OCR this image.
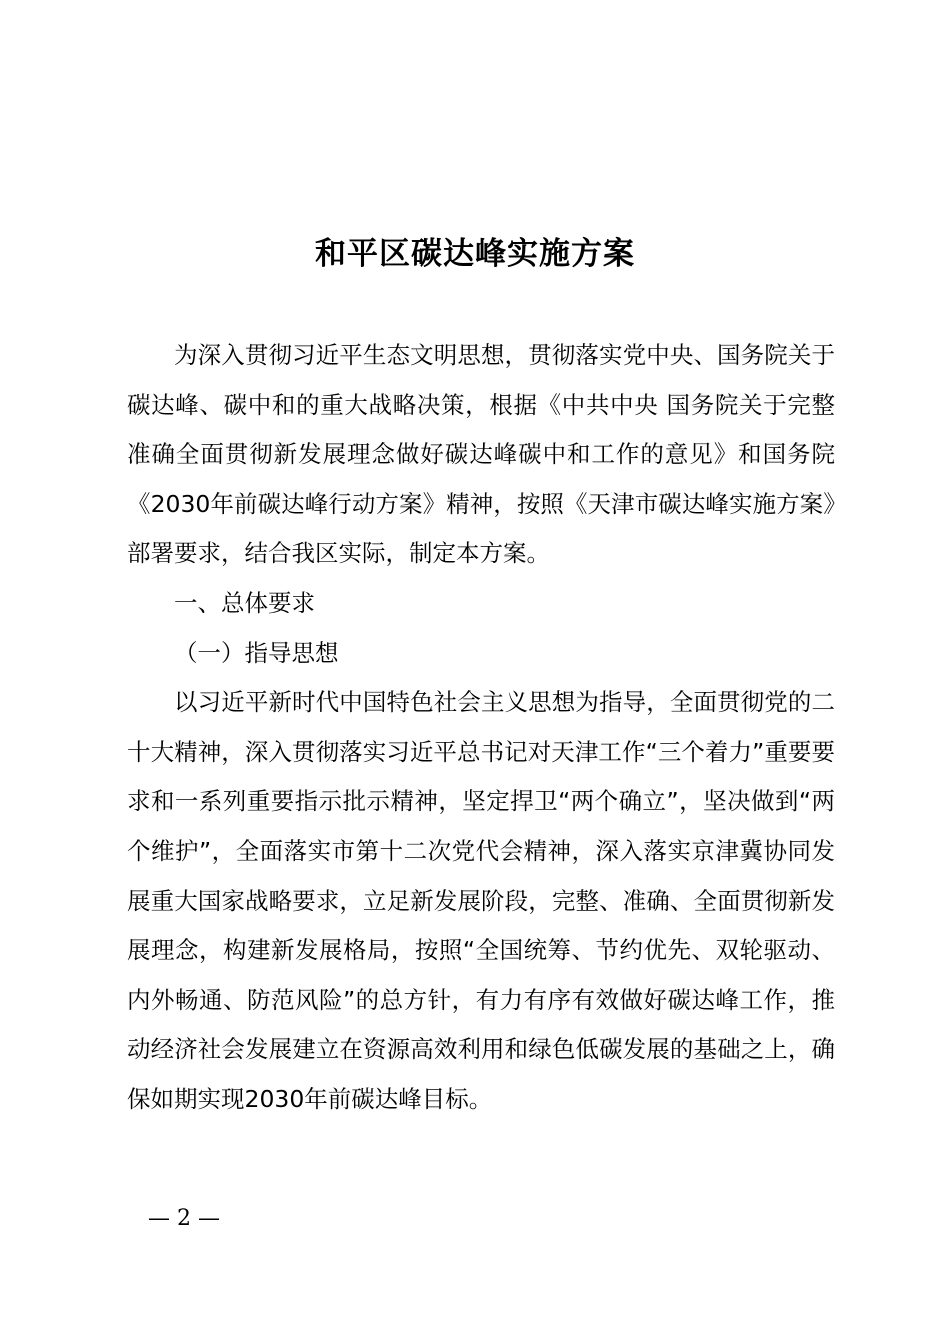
和平区碳达峰实施方案

为深入贯彻习近平生态文明思想，贯彻落实党中央、国务院关于碳达峰、碳中和的重大战略决策，根据《中共中央 国务院关于完整准确全面贯彻新发展理念做好碳达峰碳中和工作的意见》和国务院《2030年前碳达峰行动方案》精神，按照《天津市碳达峰实施方案》部署要求，结合我区实际，制定本方案。

一、总体要求

（一）指导思想

以习近平新时代中国特色社会主义思想为指导，全面贯彻党的二十大精神，深入贯彻落实习近平总书记对天津工作“三个着力”重要要求和一系列重要指示批示精神，坚定捍卫“两个确立”，坚决做到“两个维护”，全面落实市第十二次党代会精神，深入落实京津冀协同发展重大国家战略要求，立足新发展阶段，完整、准确、全面贯彻新发展理念，构建新发展格局，按照“全国统筹、节约优先、双轮驱动、内外畅通、防范风险”的总方针，有力有序有效做好碳达峰工作，推动经济社会发展建立在资源高效利用和绿色低碳发展的基础之上，确保如期实现2030年前碳达峰目标。

— 2 —
